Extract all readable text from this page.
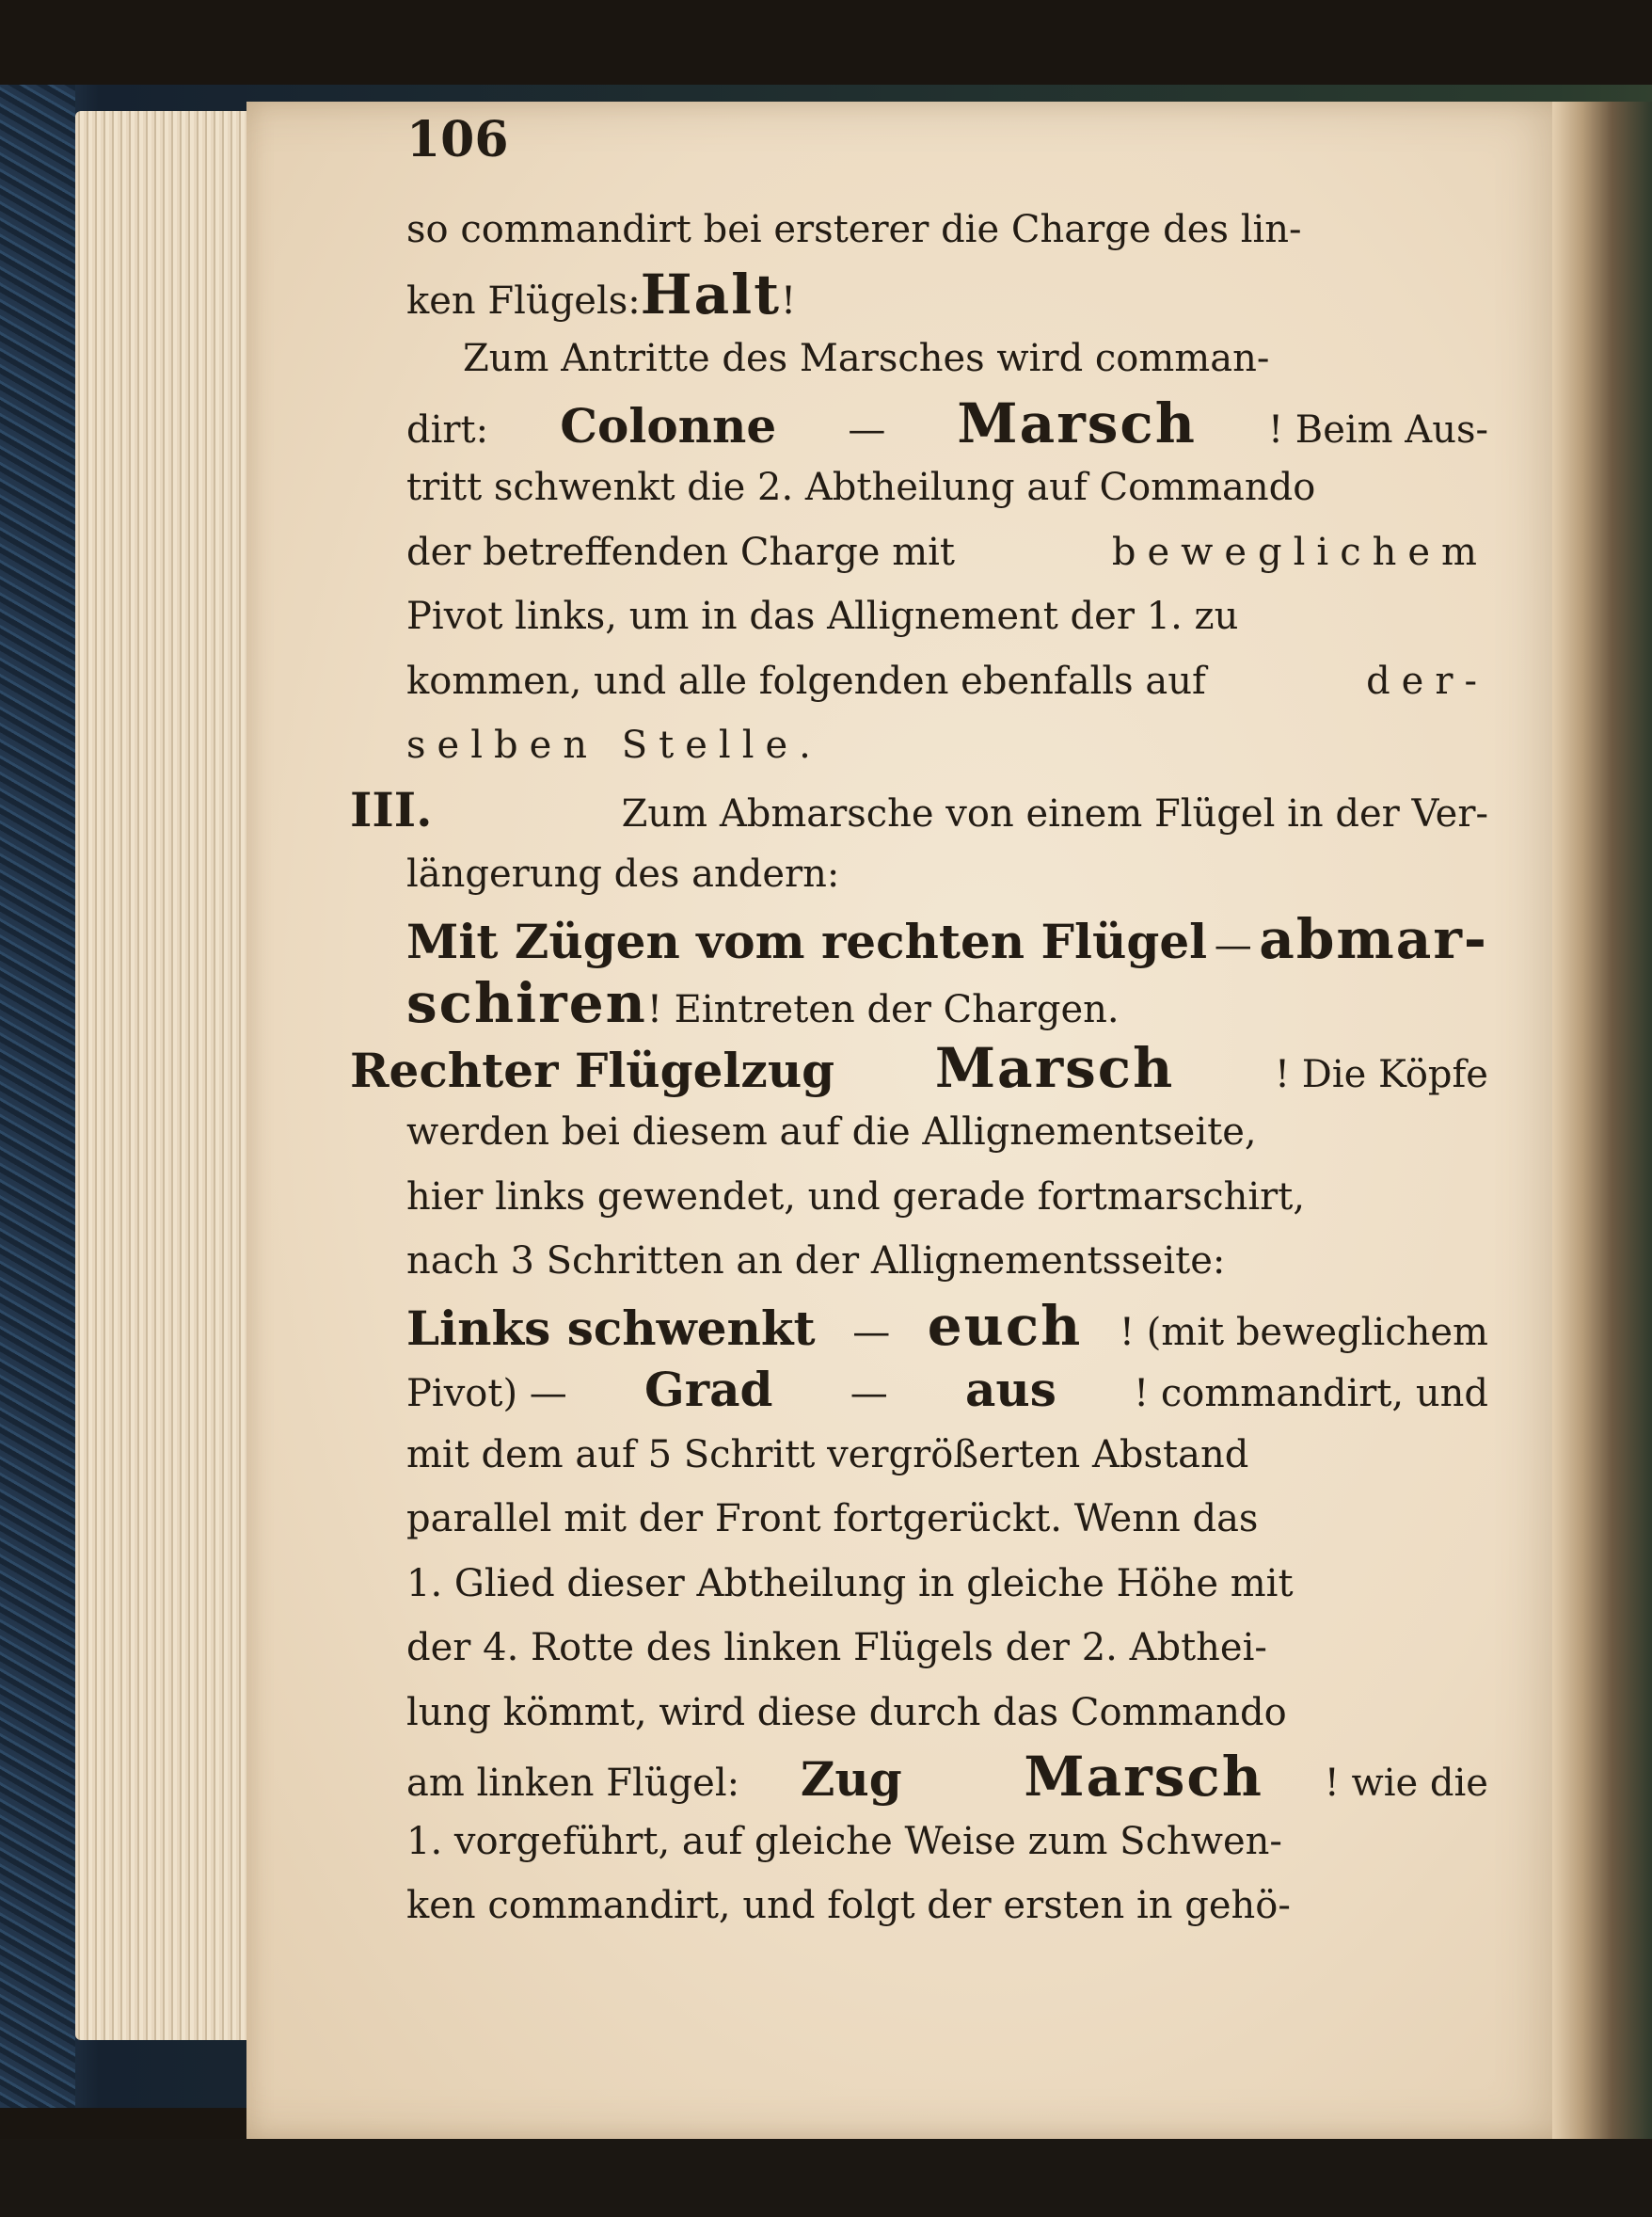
106
so commandirt bei ersterer die Charge des lin-
ken Flügels: Halt !
Zum Antritte des Marsches wird comman-
dirt: Colonne — Marsch ! Beim Aus-
tritt schwenkt die 2. Abtheilung auf Commando
der betreffenden Charge mit	beweglichem
Pivot links, um in das Allignement der 1. zu
kommen, und alle folgenden ebenfalls auf	der-
selben Stelle .
III.	Zum Abmarsche von einem Flügel in der Ver-
längerung des andern:
Mit Zügen vom rechten Flügel — abmar-
schiren ! Eintreten der Chargen.
Rechter Flügelzug Marsch	! Die Köpfe
werden bei diesem auf die Allignementseite,
hier links gewendet, und gerade fortmarschirt,
nach 3 Schritten an der Allignementsseite:
Links schwenkt — euch ! (mit beweglichem
Pivot) — Grad — aus ! commandirt, und
mit dem auf 5 Schritt vergrößerten Abstand
parallel mit der Front fortgerückt. Wenn das
1. Glied dieser Abtheilung in gleiche Höhe mit
der 4. Rotte des linken Flügels der 2. Abthei-
lung kömmt, wird diese durch das Commando
am linken Flügel: Zug Marsch ! wie die
1. vorgeführt, auf gleiche Weise zum Schwen-
ken commandirt, und folgt der ersten in gehö-
